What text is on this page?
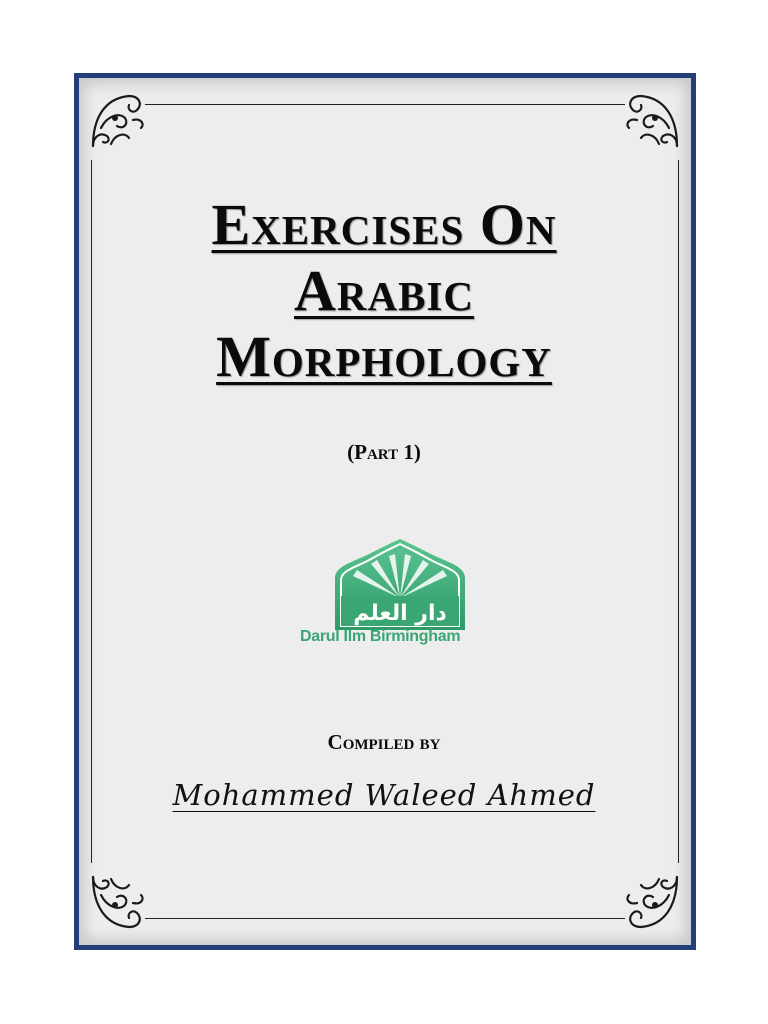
Exercises On
Arabic
Morphology
(Part 1)
دار العلم
Darul Ilm Birmingham
Compiled by
Mohammed Waleed Ahmed
